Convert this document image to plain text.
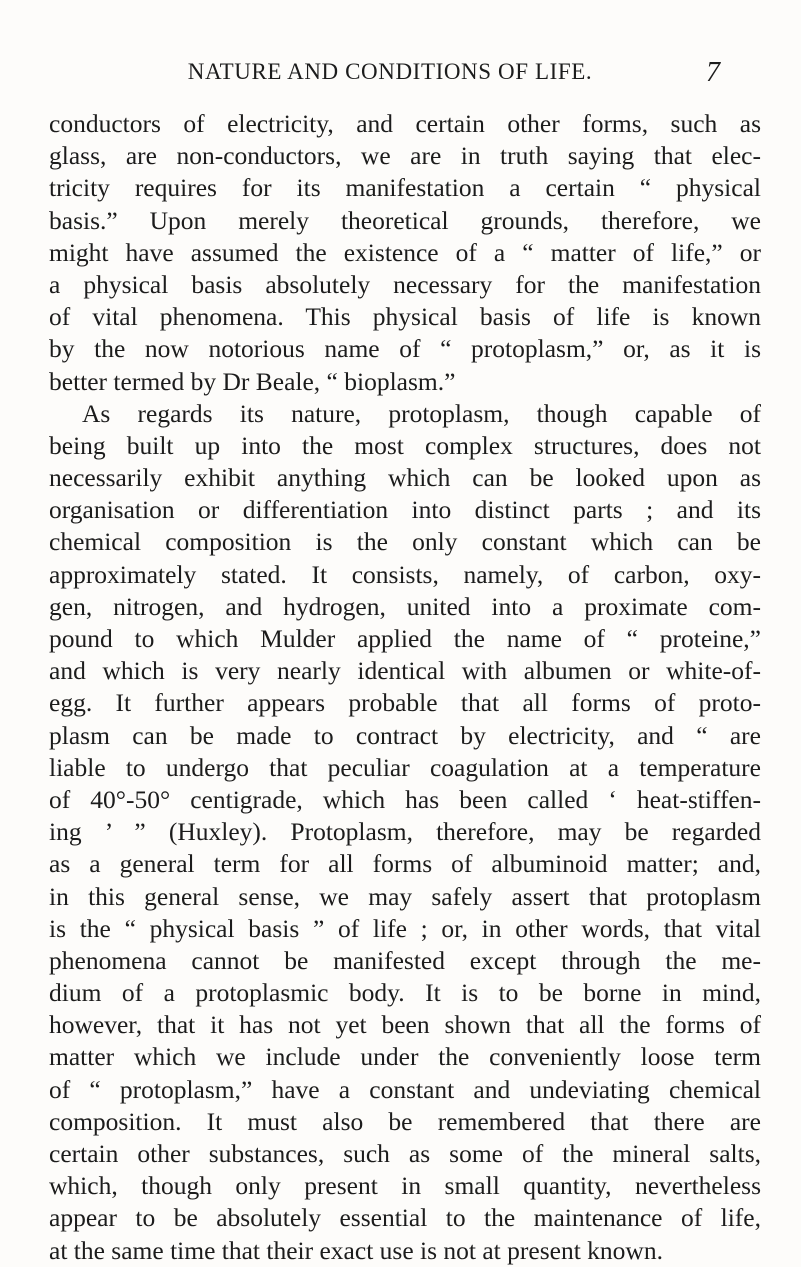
NATURE AND CONDITIONS OF LIFE.	7
conductors of electricity, and certain other forms, such as
glass, are non-conductors, we are in truth saying that elec-
tricity requires for its manifestation a certain “ physical
basis.” Upon merely theoretical grounds, therefore, we
might have assumed the existence of a “ matter of life,” or
a physical basis absolutely necessary for the manifestation
of vital phenomena. This physical basis of life is known
by the now notorious name of “ protoplasm,” or, as it is
better termed by Dr Beale, “ bioplasm.”
As regards its nature, protoplasm, though capable of
being built up into the most complex structures, does not
necessarily exhibit anything which can be looked upon as
organisation or differentiation into distinct parts ; and its
chemical composition is the only constant which can be
approximately stated. It consists, namely, of carbon, oxy-
gen, nitrogen, and hydrogen, united into a proximate com-
pound to which Mulder applied the name of “ proteine,”
and which is very nearly identical with albumen or white-of-
egg. It further appears probable that all forms of proto-
plasm can be made to contract by electricity, and “ are
liable to undergo that peculiar coagulation at a temperature
of 40°-50° centigrade, which has been called ‘ heat-stiffen-
ing ’ ” (Huxley). Protoplasm, therefore, may be regarded
as a general term for all forms of albuminoid matter; and,
in this general sense, we may safely assert that protoplasm
is the “ physical basis ” of life ; or, in other words, that vital
phenomena cannot be manifested except through the me-
dium of a protoplasmic body. It is to be borne in mind,
however, that it has not yet been shown that all the forms of
matter which we include under the conveniently loose term
of “ protoplasm,” have a constant and undeviating chemical
composition. It must also be remembered that there are
certain other substances, such as some of the mineral salts,
which, though only present in small quantity, nevertheless
appear to be absolutely essential to the maintenance of life,
at the same time that their exact use is not at present known.
